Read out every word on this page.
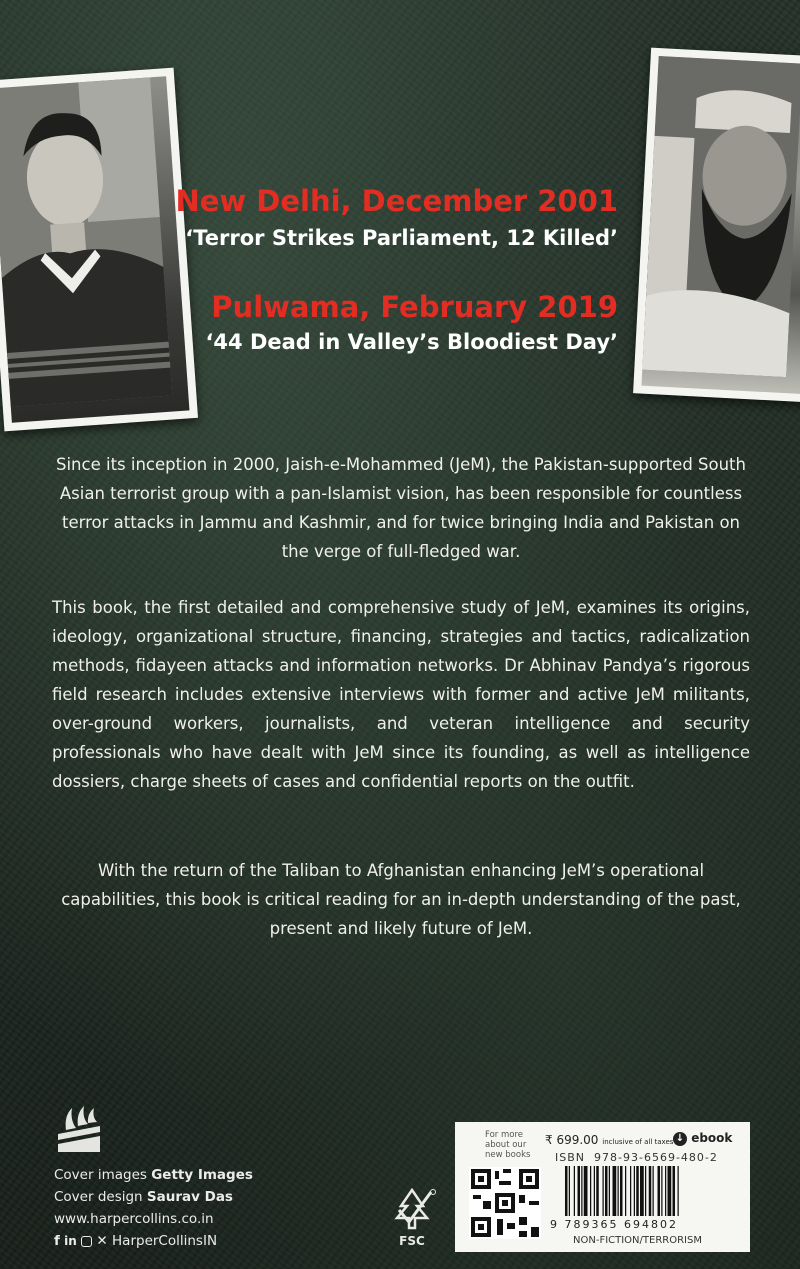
New Delhi, December 2001
‘Terror Strikes Parliament, 12 Killed’
Pulwama, February 2019
‘44 Dead in Valley’s Bloodiest Day’

Since its inception in 2000, Jaish-e-Mohammed (JeM), the Pakistan-supported South Asian terrorist group with a pan-Islamist vision, has been responsible for countless terror attacks in Jammu and Kashmir, and for twice bringing India and Pakistan on the verge of full-fledged war.

This book, the first detailed and comprehensive study of JeM, examines its origins, ideology, organizational structure, financing, strategies and tactics, radicalization methods, fidayeen attacks and information networks. Dr Abhinav Pandya’s rigorous field research includes extensive interviews with former and active JeM militants, over-ground workers, journalists, and veteran intelligence and security professionals who have dealt with JeM since its founding, as well as intelligence dossiers, charge sheets of cases and confidential reports on the outfit.

With the return of the Taliban to Afghanistan enhancing JeM’s operational capabilities, this book is critical reading for an in-depth understanding of the past, present and likely future of JeM.

Cover images Getty Images
Cover design Saurav Das
www.harpercollins.co.in
f in ✕ HarperCollinsIN	FSC
For more about our new books
₹ 699.00 inclusive of all taxes ↓ ebook
ISBN 978-93-6569-480-2
9 789365 694802
NON-FICTION/TERRORISM
